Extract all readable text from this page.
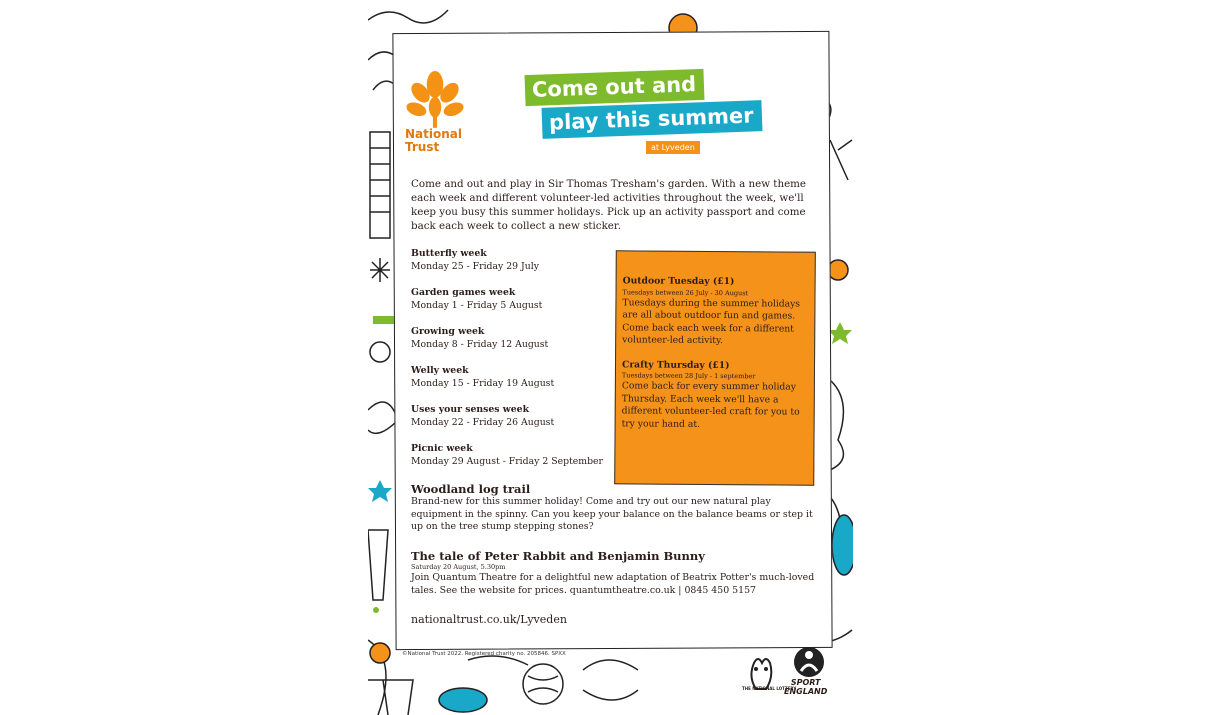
National
Trust
Come out and
play this summer
at Lyveden
Come and out and play in Sir Thomas Tresham's garden. With a new theme each week and different volunteer-led activities throughout the week, we'll keep you busy this summer holidays. Pick up an activity passport and come back each week to collect a new sticker.
Butterfly week
Monday 25 - Friday 29 July
Garden games week
Monday 1 - Friday 5 August
Growing week
Monday 8 - Friday 12 August
Welly week
Monday 15 - Friday 19 August
Uses your senses week
Monday 22 - Friday 26 August
Picnic week
Monday 29 August - Friday 2 September
Outdoor Tuesday (£1)
Tuesdays between 26 July - 30 August
Tuesdays during the summer holidays are all about outdoor fun and games. Come back each week for a different volunteer-led activity.
Crafty Thursday (£1)
Tuesdays between 28 July - 1 september
Come back for every summer holiday Thursday. Each week we'll have a different volunteer-led craft for you to try your hand at.
Woodland log trail
Brand-new for this summer holiday! Come and try out our new natural play equipment in the spinny. Can you keep your balance on the balance beams or step it up on the tree stump stepping stones?
The tale of Peter Rabbit and Benjamin Bunny
Saturday 20 August, 5.30pm
Join Quantum Theatre for a delightful new adaptation of Beatrix Potter's much-loved tales. See the website for prices. quantumtheatre.co.uk | 0845 450 5157
nationaltrust.co.uk/Lyveden
©National Trust 2022. Registered charity no. 205846. SPXX
THE NATIONAL LOTTERY
SPORT
ENGLAND
